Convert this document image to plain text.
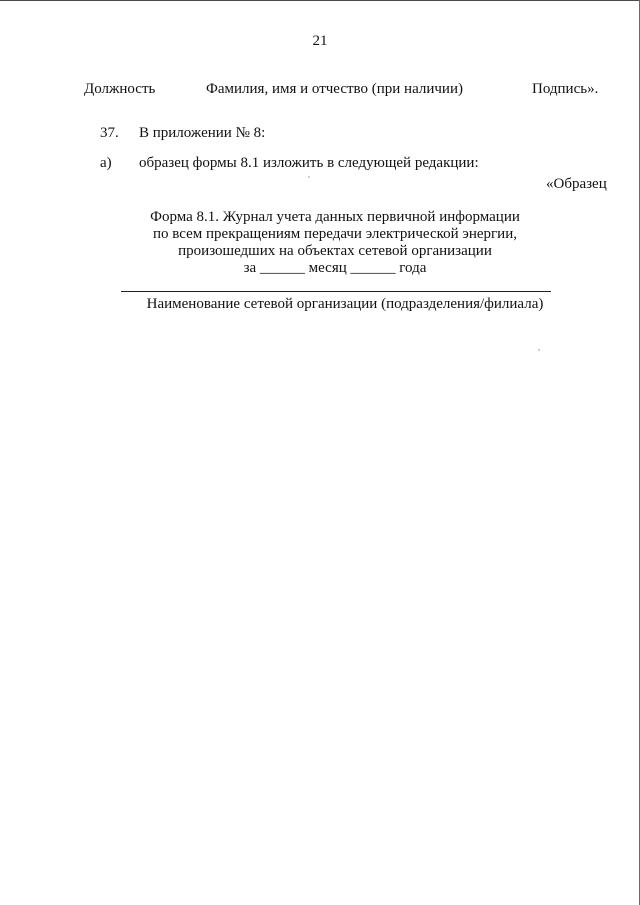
21
Должность	Фамилия, имя и отчество (при наличии)	Подпись».
37. В приложении № 8:
а) образец формы 8.1 изложить в следующей редакции:
«Образец
Форма 8.1. Журнал учета данных первичной информации
по всем прекращениям передачи электрической энергии,
произошедших на объектах сетевой организации
за ______ месяц ______ года
Наименование сетевой организации (подразделения/филиала)
